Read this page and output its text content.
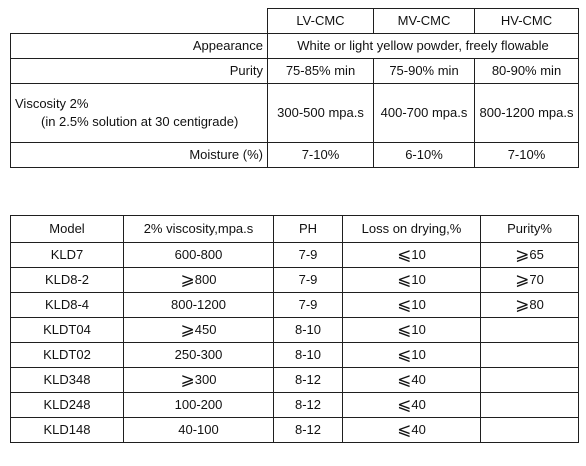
	LV-CMC	MV-CMC	HV-CMC
Appearance	White or light yellow powder, freely flowable		
Purity	75-85% min	75-90% min	80-90% min
Viscosity 2%
(in 2.5% solution at 30 centigrade)	300-500 mpa.s	400-700 mpa.s	800-1200 mpa.s
Moisture (%)	7-10%	6-10%	7-10%
Model	2% viscosity,mpa.s	PH	Loss on drying,%	Purity%
KLD7	600-800	7-9	⩽10	⩾65
KLD8-2	⩾800	7-9	⩽10	⩾70
KLD8-4	800-1200	7-9	⩽10	⩾80
KLDT04	⩾450	8-10	⩽10	
KLDT02	250-300	8-10	⩽10	
KLD348	⩾300	8-12	⩽40	
KLD248	100-200	8-12	⩽40	
KLD148	40-100	8-12	⩽40	
